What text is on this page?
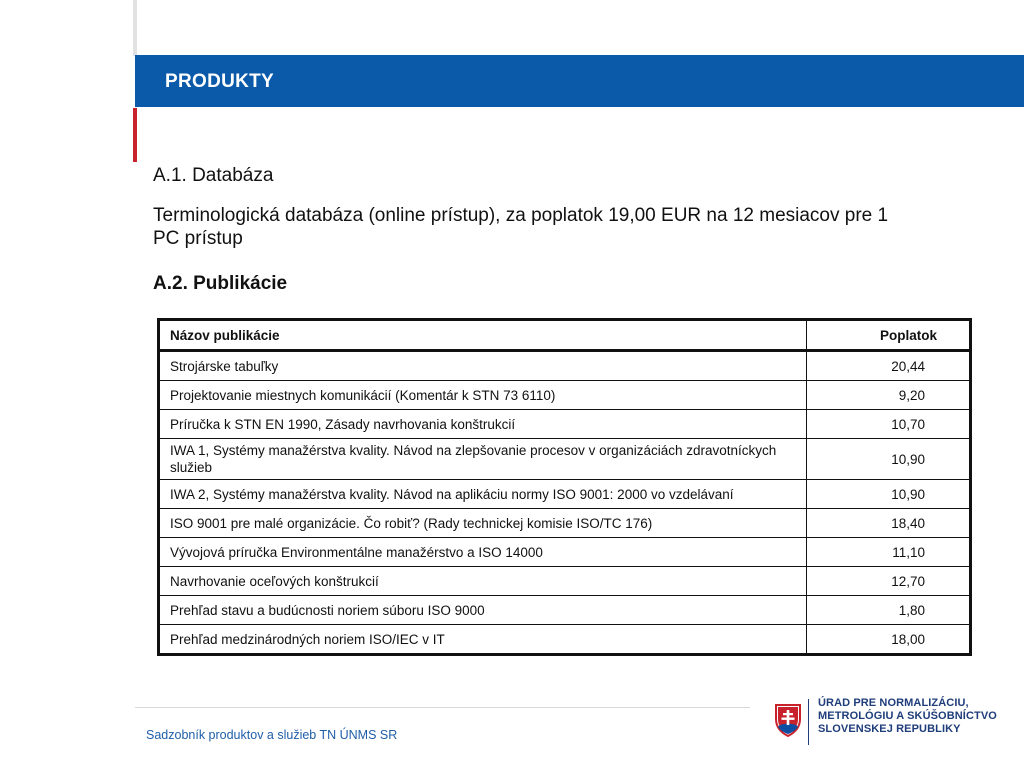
PRODUKTY
A.1. Databáza
Terminologická databáza (online prístup), za poplatok 19,00 EUR na 12 mesiacov pre 1 PC prístup
A.2. Publikácie
Názov publikácie	Poplatok
Strojárske tabuľky	20,44
Projektovanie miestnych komunikácií (Komentár k STN 73 6110)	9,20
Príručka k STN EN 1990, Zásady navrhovania konštrukcií	10,70
IWA 1, Systémy manažérstva kvality. Návod na zlepšovanie procesov v organizáciách zdravotníckych služieb	10,90
IWA 2, Systémy manažérstva kvality. Návod na aplikáciu normy ISO 9001: 2000 vo vzdelávaní	10,90
ISO 9001 pre malé organizácie. Čo robiť? (Rady technickej komisie ISO/TC 176)	18,40
Vývojová príručka Environmentálne manažérstvo a ISO 14000	11,10
Navrhovanie oceľových konštrukcií	12,70
Prehľad stavu a budúcnosti noriem súboru ISO 9000	1,80
Prehľad medzinárodných noriem ISO/IEC v IT	18,00
Sadzobník produktov a služieb TN ÚNMS SR
ÚRAD PRE NORMALIZÁCIU,
METROLÓGIU A SKÚŠOBNÍCTVO
SLOVENSKEJ REPUBLIKY
